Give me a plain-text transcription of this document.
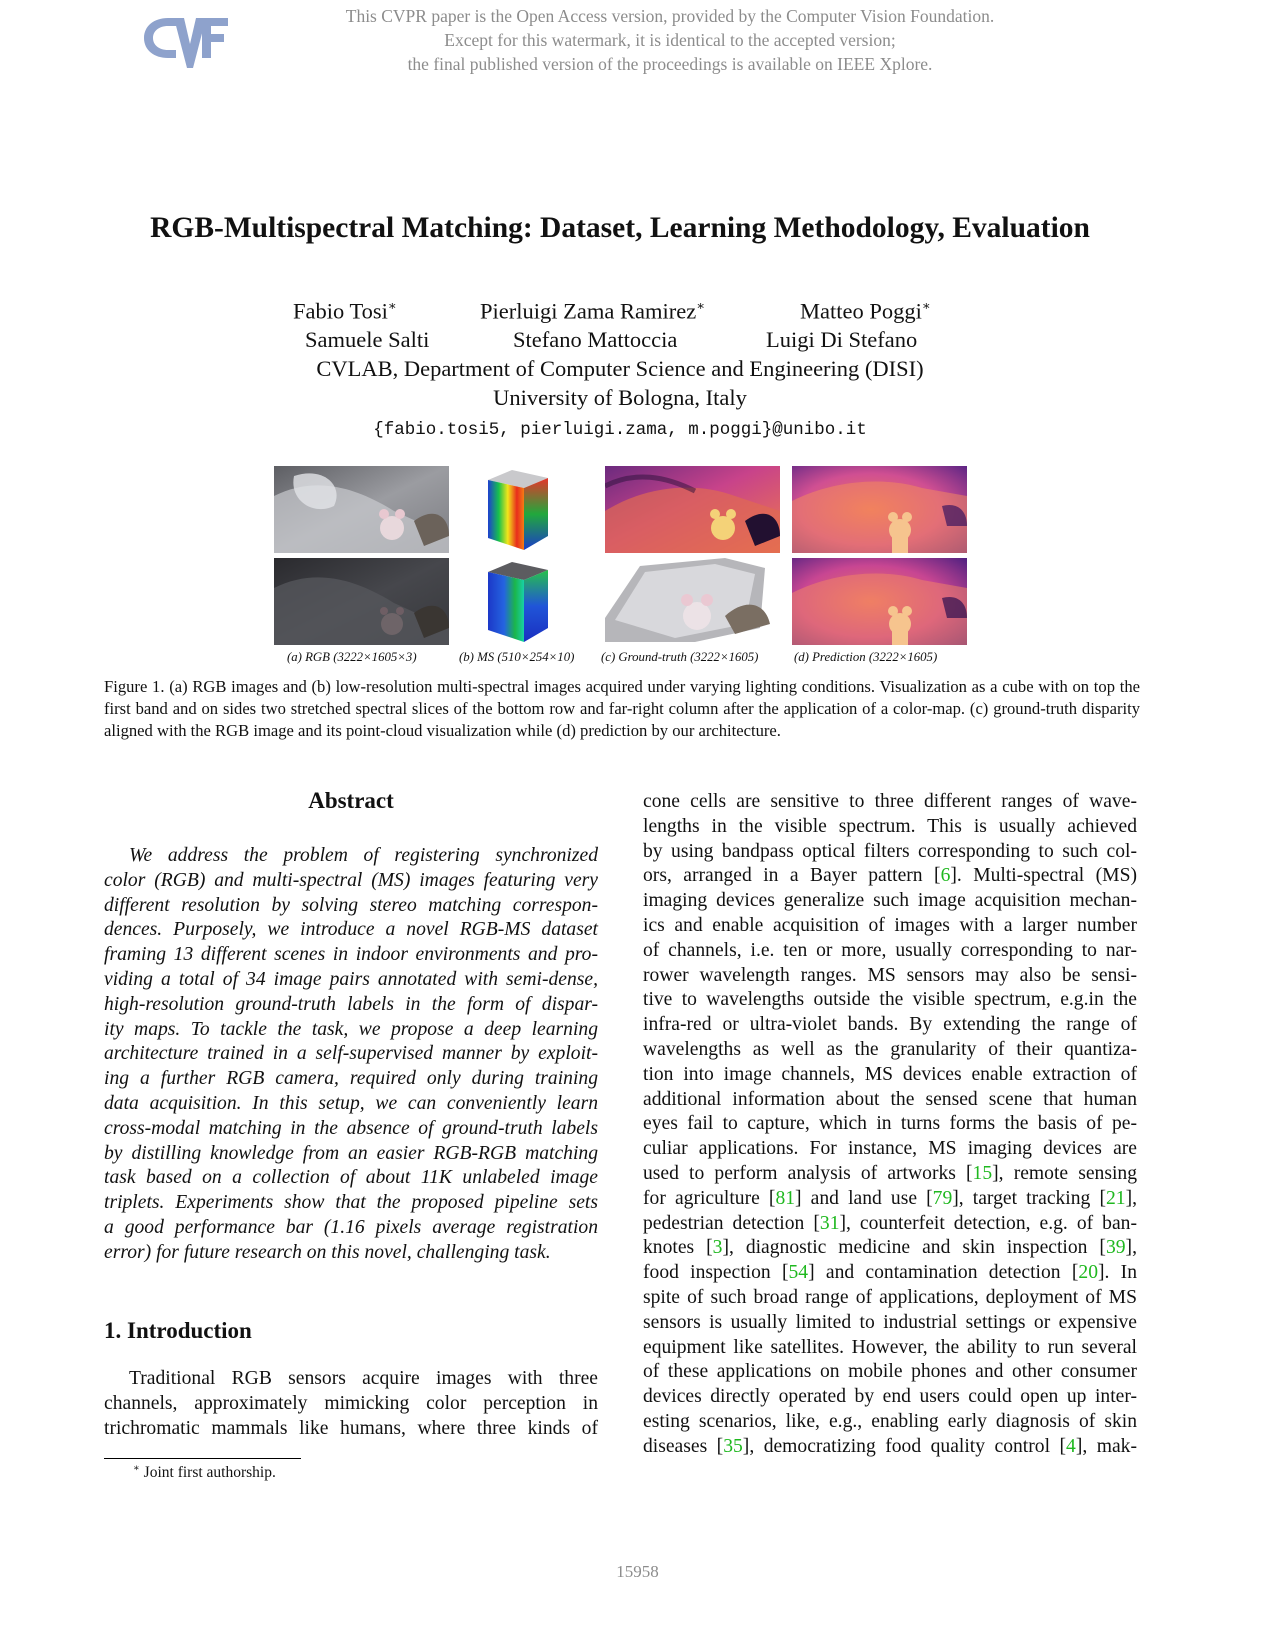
This CVPR paper is the Open Access version, provided by the Computer Vision Foundation.
Except for this watermark, it is identical to the accepted version;
the final published version of the proceedings is available on IEEE Xplore.
RGB-Multispectral Matching: Dataset, Learning Methodology, Evaluation
Fabio Tosi∗	Pierluigi Zama Ramirez∗	Matteo Poggi∗
Samuele Salti	Stefano Mattoccia	Luigi Di Stefano
CVLAB, Department of Computer Science and Engineering (DISI)
University of Bologna, Italy
{fabio.tosi5, pierluigi.zama, m.poggi}@unibo.it
(a) RGB (3222×1605×3)	(b) MS (510×254×10) (c) Ground-truth (3222×1605)	(d) Prediction (3222×1605)
Figure 1. (a) RGB images and (b) low-resolution multi-spectral images acquired under varying lighting conditions. Visualization as a cube with on top the first band and on sides two stretched spectral slices of the bottom row and far-right column after the application of a color-map. (c) ground-truth disparity aligned with the RGB image and its point-cloud visualization while (d) prediction by our architecture.
Abstract
We address the problem of registering synchronized
color (RGB) and multi-spectral (MS) images featuring very
different resolution by solving stereo matching correspon-
dences. Purposely, we introduce a novel RGB-MS dataset
framing 13 different scenes in indoor environments and pro-
viding a total of 34 image pairs annotated with semi-dense,
high-resolution ground-truth labels in the form of dispar-
ity maps. To tackle the task, we propose a deep learning
architecture trained in a self-supervised manner by exploit-
ing a further RGB camera, required only during training
data acquisition. In this setup, we can conveniently learn
cross-modal matching in the absence of ground-truth labels
by distilling knowledge from an easier RGB-RGB matching
task based on a collection of about 11K unlabeled image
triplets. Experiments show that the proposed pipeline sets
a good performance bar (1.16 pixels average registration
error) for future research on this novel, challenging task.
1. Introduction
Traditional RGB sensors acquire images with three
channels, approximately mimicking color perception in
trichromatic mammals like humans, where three kinds of
cone cells are sensitive to three different ranges of wave-
lengths in the visible spectrum. This is usually achieved
by using bandpass optical filters corresponding to such col-
ors, arranged in a Bayer pattern [6]. Multi-spectral (MS)
imaging devices generalize such image acquisition mechan-
ics and enable acquisition of images with a larger number
of channels, i.e. ten or more, usually corresponding to nar-
rower wavelength ranges. MS sensors may also be sensi-
tive to wavelengths outside the visible spectrum, e.g.in the
infra-red or ultra-violet bands. By extending the range of
wavelengths as well as the granularity of their quantiza-
tion into image channels, MS devices enable extraction of
additional information about the sensed scene that human
eyes fail to capture, which in turns forms the basis of pe-
culiar applications. For instance, MS imaging devices are
used to perform analysis of artworks [15], remote sensing
for agriculture [81] and land use [79], target tracking [21],
pedestrian detection [31], counterfeit detection, e.g. of ban-
knotes [3], diagnostic medicine and skin inspection [39],
food inspection [54] and contamination detection [20]. In
spite of such broad range of applications, deployment of MS
sensors is usually limited to industrial settings or expensive
equipment like satellites. However, the ability to run several
of these applications on mobile phones and other consumer
devices directly operated by end users could open up inter-
esting scenarios, like, e.g., enabling early diagnosis of skin
diseases [35], democratizing food quality control [4], mak-
∗ Joint first authorship.
15958
